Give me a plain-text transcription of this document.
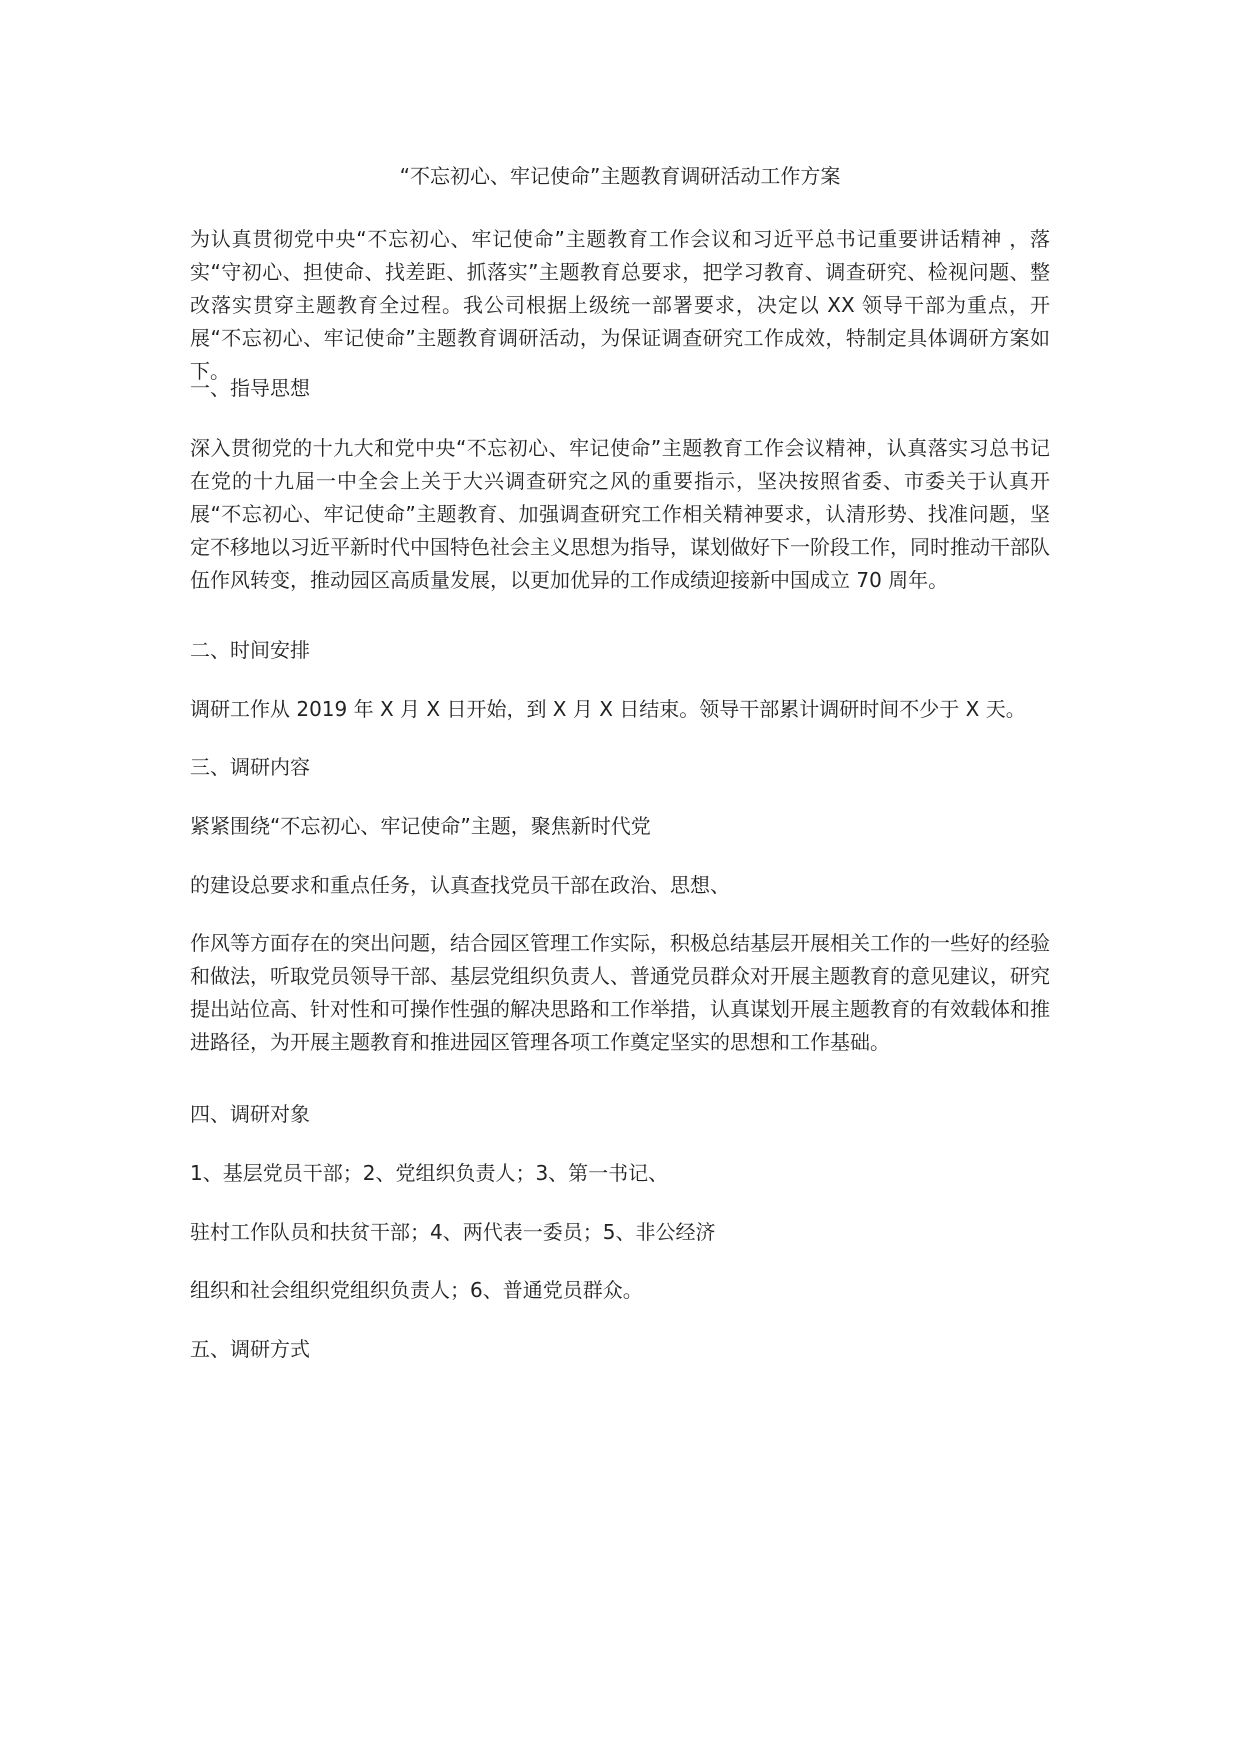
“不忘初心、牢记使命”主题教育调研活动工作方案

为认真贯彻党中央“不忘初心、牢记使命”主题教育工作会议和习近平总书记重要讲话精神 ，落实“守初心、担使命、找差距、抓落实”主题教育总要求，把学习教育、调查研究、检视问题、整改落实贯穿主题教育全过程。我公司根据上级统一部署要求，决定以 XX 领导干部为重点，开展“不忘初心、牢记使命”主题教育调研活动，为保证调查研究工作成效，特制定具体调研方案如下。

一、指导思想

深入贯彻党的十九大和党中央“不忘初心、牢记使命”主题教育工作会议精神，认真落实习总书记在党的十九届一中全会上关于大兴调查研究之风的重要指示，坚决按照省委、市委关于认真开展“不忘初心、牢记使命”主题教育、加强调查研究工作相关精神要求，认清形势、找准问题，坚定不移地以习近平新时代中国特色社会主义思想为指导，谋划做好下一阶段工作，同时推动干部队伍作风转变，推动园区高质量发展，以更加优异的工作成绩迎接新中国成立 70 周年。

二、时间安排

调研工作从 2019 年 X 月 X 日开始，到 X 月 X 日结束。领导干部累计调研时间不少于 X 天。

三、调研内容

紧紧围绕“不忘初心、牢记使命”主题，聚焦新时代党

的建设总要求和重点任务，认真查找党员干部在政治、思想、

作风等方面存在的突出问题，结合园区管理工作实际，积极总结基层开展相关工作的一些好的经验和做法，听取党员领导干部、基层党组织负责人、普通党员群众对开展主题教育的意见建议，研究提出站位高、针对性和可操作性强的解决思路和工作举措，认真谋划开展主题教育的有效载体和推进路径，为开展主题教育和推进园区管理各项工作奠定坚实的思想和工作基础。

四、调研对象

1、基层党员干部；2、党组织负责人；3、第一书记、

驻村工作队员和扶贫干部；4、两代表一委员；5、非公经济

组织和社会组织党组织负责人；6、普通党员群众。

五、调研方式
